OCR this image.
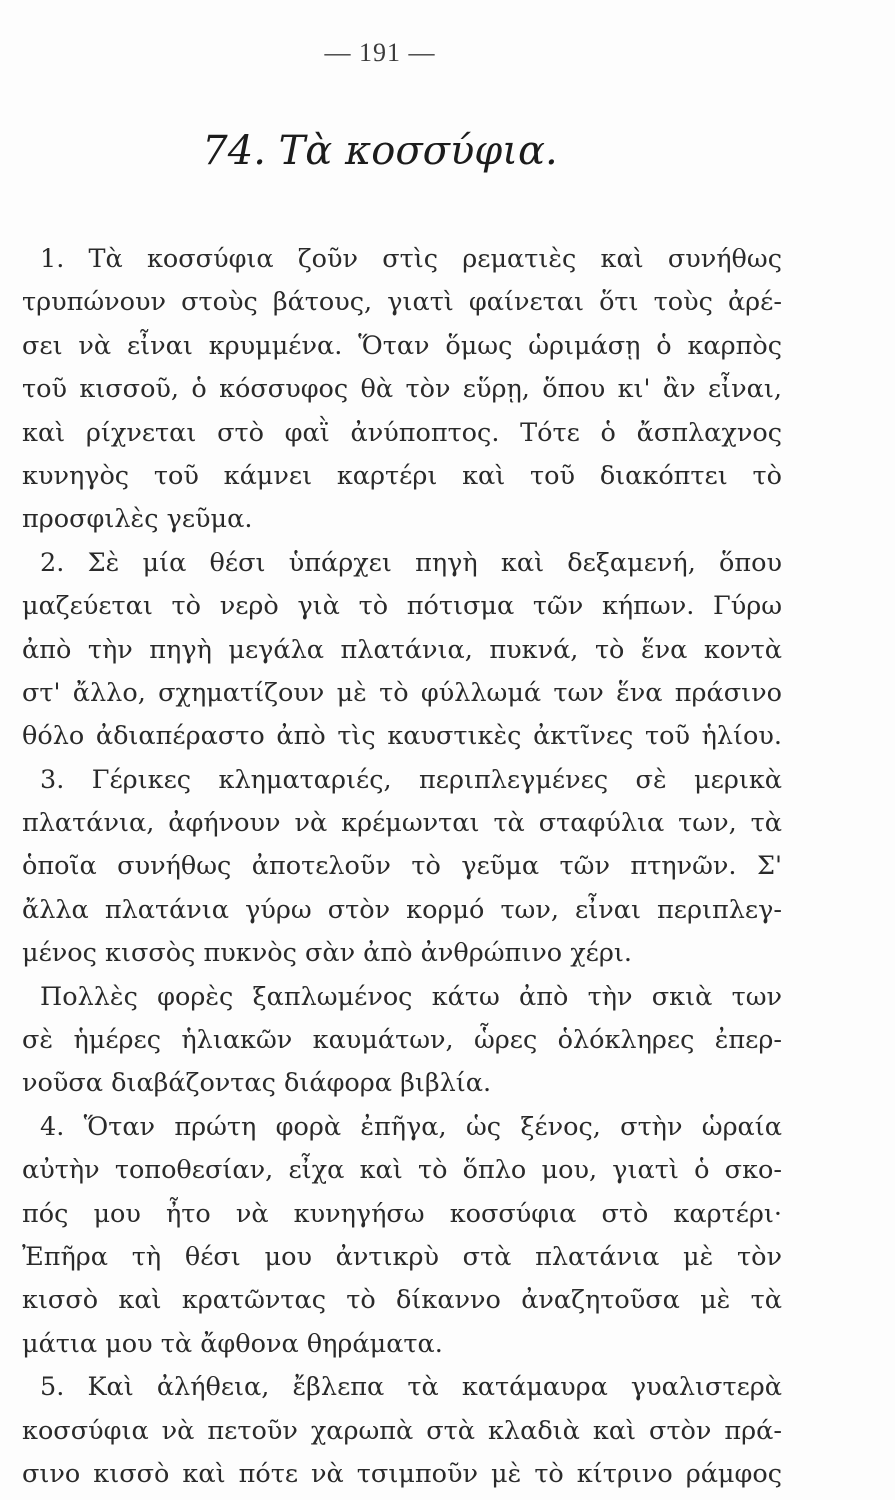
— 191 —
74. Τὰ κοσσύφια.
1. Τὰ κοσσύφια ζοῦν στὶς ρεματιὲς καὶ συνήθως
τρυπώνουν στοὺς βάτους, γιατὶ φαίνεται ὅτι τοὺς ἀρέ-
σει νὰ εἶναι κρυμμένα. Ὅταν ὅμως ὡριμάσῃ ὁ καρπὸς
τοῦ κισσοῦ, ὁ κόσσυφος θὰ τὸν εὕρῃ, ὅπου κι' ἂν εἶναι,
καὶ ρίχνεται στὸ φαῒ ἀνύποπτος. Τότε ὁ ἄσπλαχνος
κυνηγὸς τοῦ κάμνει καρτέρι καὶ τοῦ διακόπτει τὸ
προσφιλὲς γεῦμα.
2. Σὲ μία θέσι ὑπάρχει πηγὴ καὶ δεξαμενή, ὅπου
μαζεύεται τὸ νερὸ γιὰ τὸ πότισμα τῶν κήπων. Γύρω
ἀπὸ τὴν πηγὴ μεγάλα πλατάνια, πυκνά, τὸ ἕνα κοντὰ
στ' ἄλλο, σχηματίζουν μὲ τὸ φύλλωμά των ἕνα πράσινο
θόλο ἀδιαπέραστο ἀπὸ τὶς καυστικὲς ἀκτῖνες τοῦ ἡλίου.
3. Γέρικες κληματαριές, περιπλεγμένες σὲ μερικὰ
πλατάνια, ἀφήνουν νὰ κρέμωνται τὰ σταφύλια των, τὰ
ὁποῖα συνήθως ἀποτελοῦν τὸ γεῦμα τῶν πτηνῶν. Σ'
ἄλλα πλατάνια γύρω στὸν κορμό των, εἶναι περιπλεγ-
μένος κισσὸς πυκνὸς σὰν ἀπὸ ἀνθρώπινο χέρι.
Πολλὲς φορὲς ξαπλωμένος κάτω ἀπὸ τὴν σκιὰ των
σὲ ἡμέρες ἡλιακῶν καυμάτων, ὧρες ὁλόκληρες ἐπερ-
νοῦσα διαβάζοντας διάφορα βιβλία.
4. Ὅταν πρώτη φορὰ ἐπῆγα, ὡς ξένος, στὴν ὡραία
αὐτὴν τοποθεσίαν, εἶχα καὶ τὸ ὅπλο μου, γιατὶ ὁ σκο-
πός μου ἦτο νὰ κυνηγήσω κοσσύφια στὸ καρτέρι·
Ἐπῆρα τὴ θέσι μου ἀντικρὺ στὰ πλατάνια μὲ τὸν
κισσὸ καὶ κρατῶντας τὸ δίκαννο ἀναζητοῦσα μὲ τὰ
μάτια μου τὰ ἄφθονα θηράματα.
5. Καὶ ἀλήθεια, ἔβλεπα τὰ κατάμαυρα γυαλιστερὰ
κοσσύφια νὰ πετοῦν χαρωπὰ στὰ κλαδιὰ καὶ στὸν πρά-
σινο κισσὸ καὶ πότε νὰ τσιμποῦν μὲ τὸ κίτρινο ράμφος
